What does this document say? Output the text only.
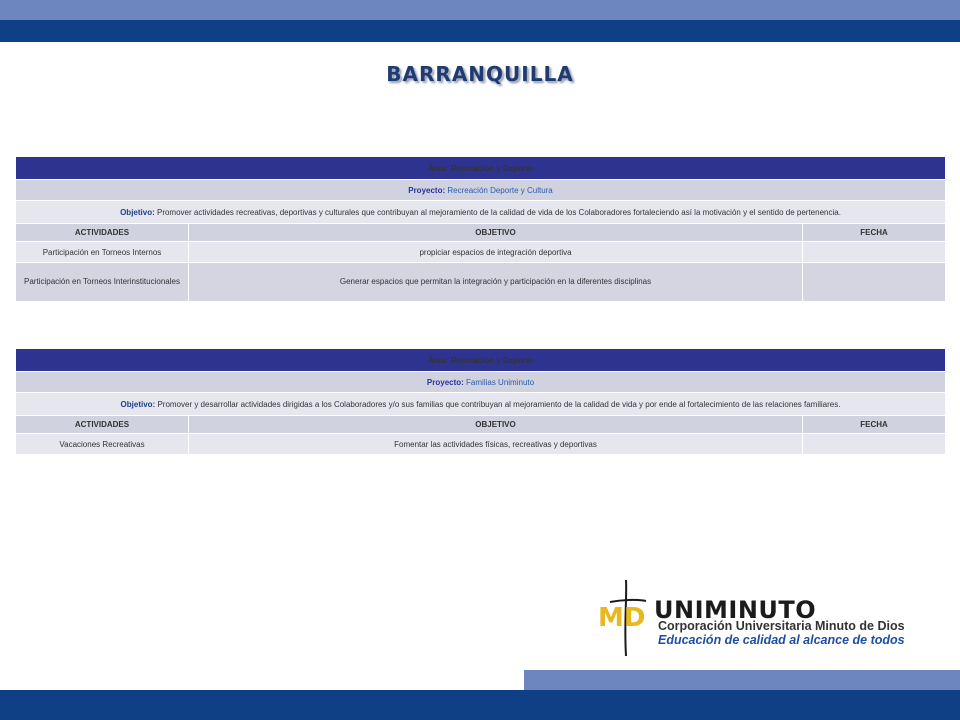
BARRANQUILLA
Área: Recreación y Deporte		
Proyecto: Recreación Deporte y Cultura		
Objetivo: Promover actividades recreativas, deportivas y culturales que contribuyan al mejoramiento de la calidad de vida de los Colaboradores fortaleciendo así la motivación y el sentido de pertenencia.		
ACTIVIDADES	OBJETIVO	FECHA
Participación en Torneos Internos	propiciar espacios de integración deportiva	
Participación en Torneos Interinstitucionales	Generar espacios que permitan la integración y participación en la diferentes disciplinas	
Área: Recreación y Deporte		
Proyecto: Familias Uniminuto		
Objetivo: Promover y desarrollar actividades dirigidas a los Colaboradores y/o sus familias que contribuyan al mejoramiento de la calidad de vida y por ende al fortalecimiento de las relaciones familiares.		
ACTIVIDADES	OBJETIVO	FECHA
Vacaciones Recreativas	Fomentar las actividades físicas, recreativas y deportivas	
MD UNIMINUTO
Corporación Universitaria Minuto de Dios
Educación de calidad al alcance de todos
